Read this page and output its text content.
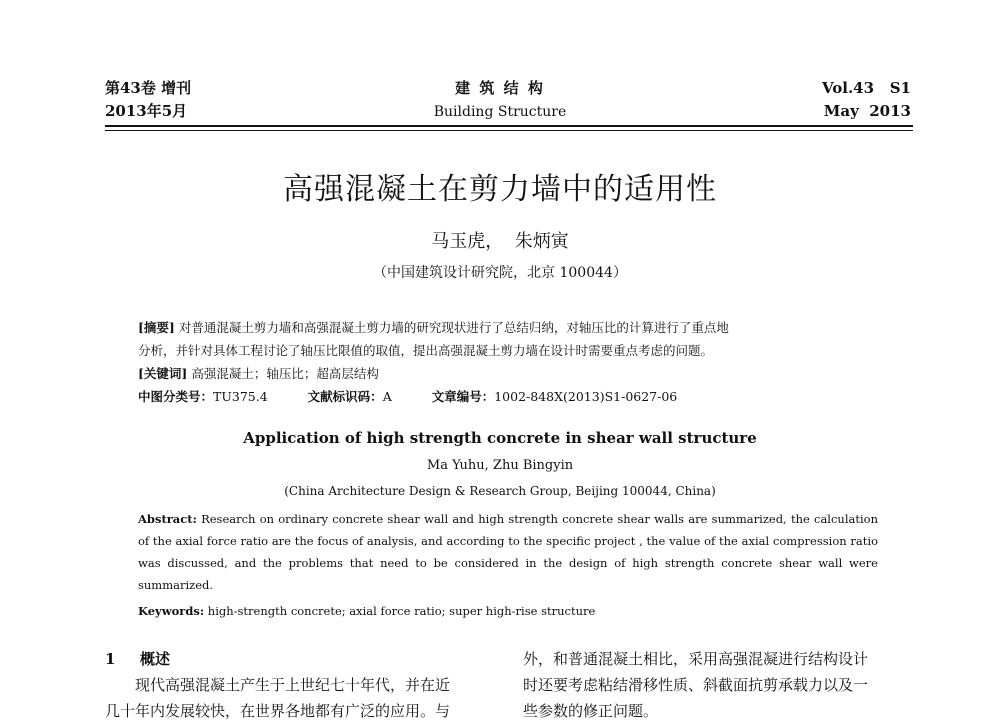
第43卷 增刊
2013年5月
建 筑 结 构
Building Structure
Vol.43   S1
May  2013
高强混凝土在剪力墙中的适用性
马玉虎，  朱炳寅
（中国建筑设计研究院，北京 100044）
[摘要] 对普通混凝土剪力墙和高强混凝土剪力墙的研究现状进行了总结归纳，对轴压比的计算进行了重点地
分析，并针对具体工程讨论了轴压比限值的取值，提出高强混凝土剪力墙在设计时需要重点考虑的问题。
[关键词] 高强混凝土；轴压比；超高层结构
中图分类号：TU375.4	文献标识码：A	文章编号：1002-848X(2013)S1-0627-06
Application of high strength concrete in shear wall structure
Ma Yuhu, Zhu Bingyin
(China Architecture Design & Research Group, Beijing 100044, China)
Abstract: Research on ordinary concrete shear wall and high strength concrete shear walls are summarized, the calculation of the axial force ratio are the focus of analysis, and according to the specific project , the value of the axial compression ratio was discussed, and the problems that need to be considered in the design of high strength concrete shear wall were summarized.
Keywords: high-strength concrete; axial force ratio; super high-rise structure
1 概述
现代高强混凝土产生于上世纪七十年代，并在近
几十年内发展较快，在世界各地都有广泛的应用。与
外，和普通混凝土相比，采用高强混凝进行结构设计
时还要考虑粘结滑移性质、斜截面抗剪承载力以及一
些参数的修正问题。
